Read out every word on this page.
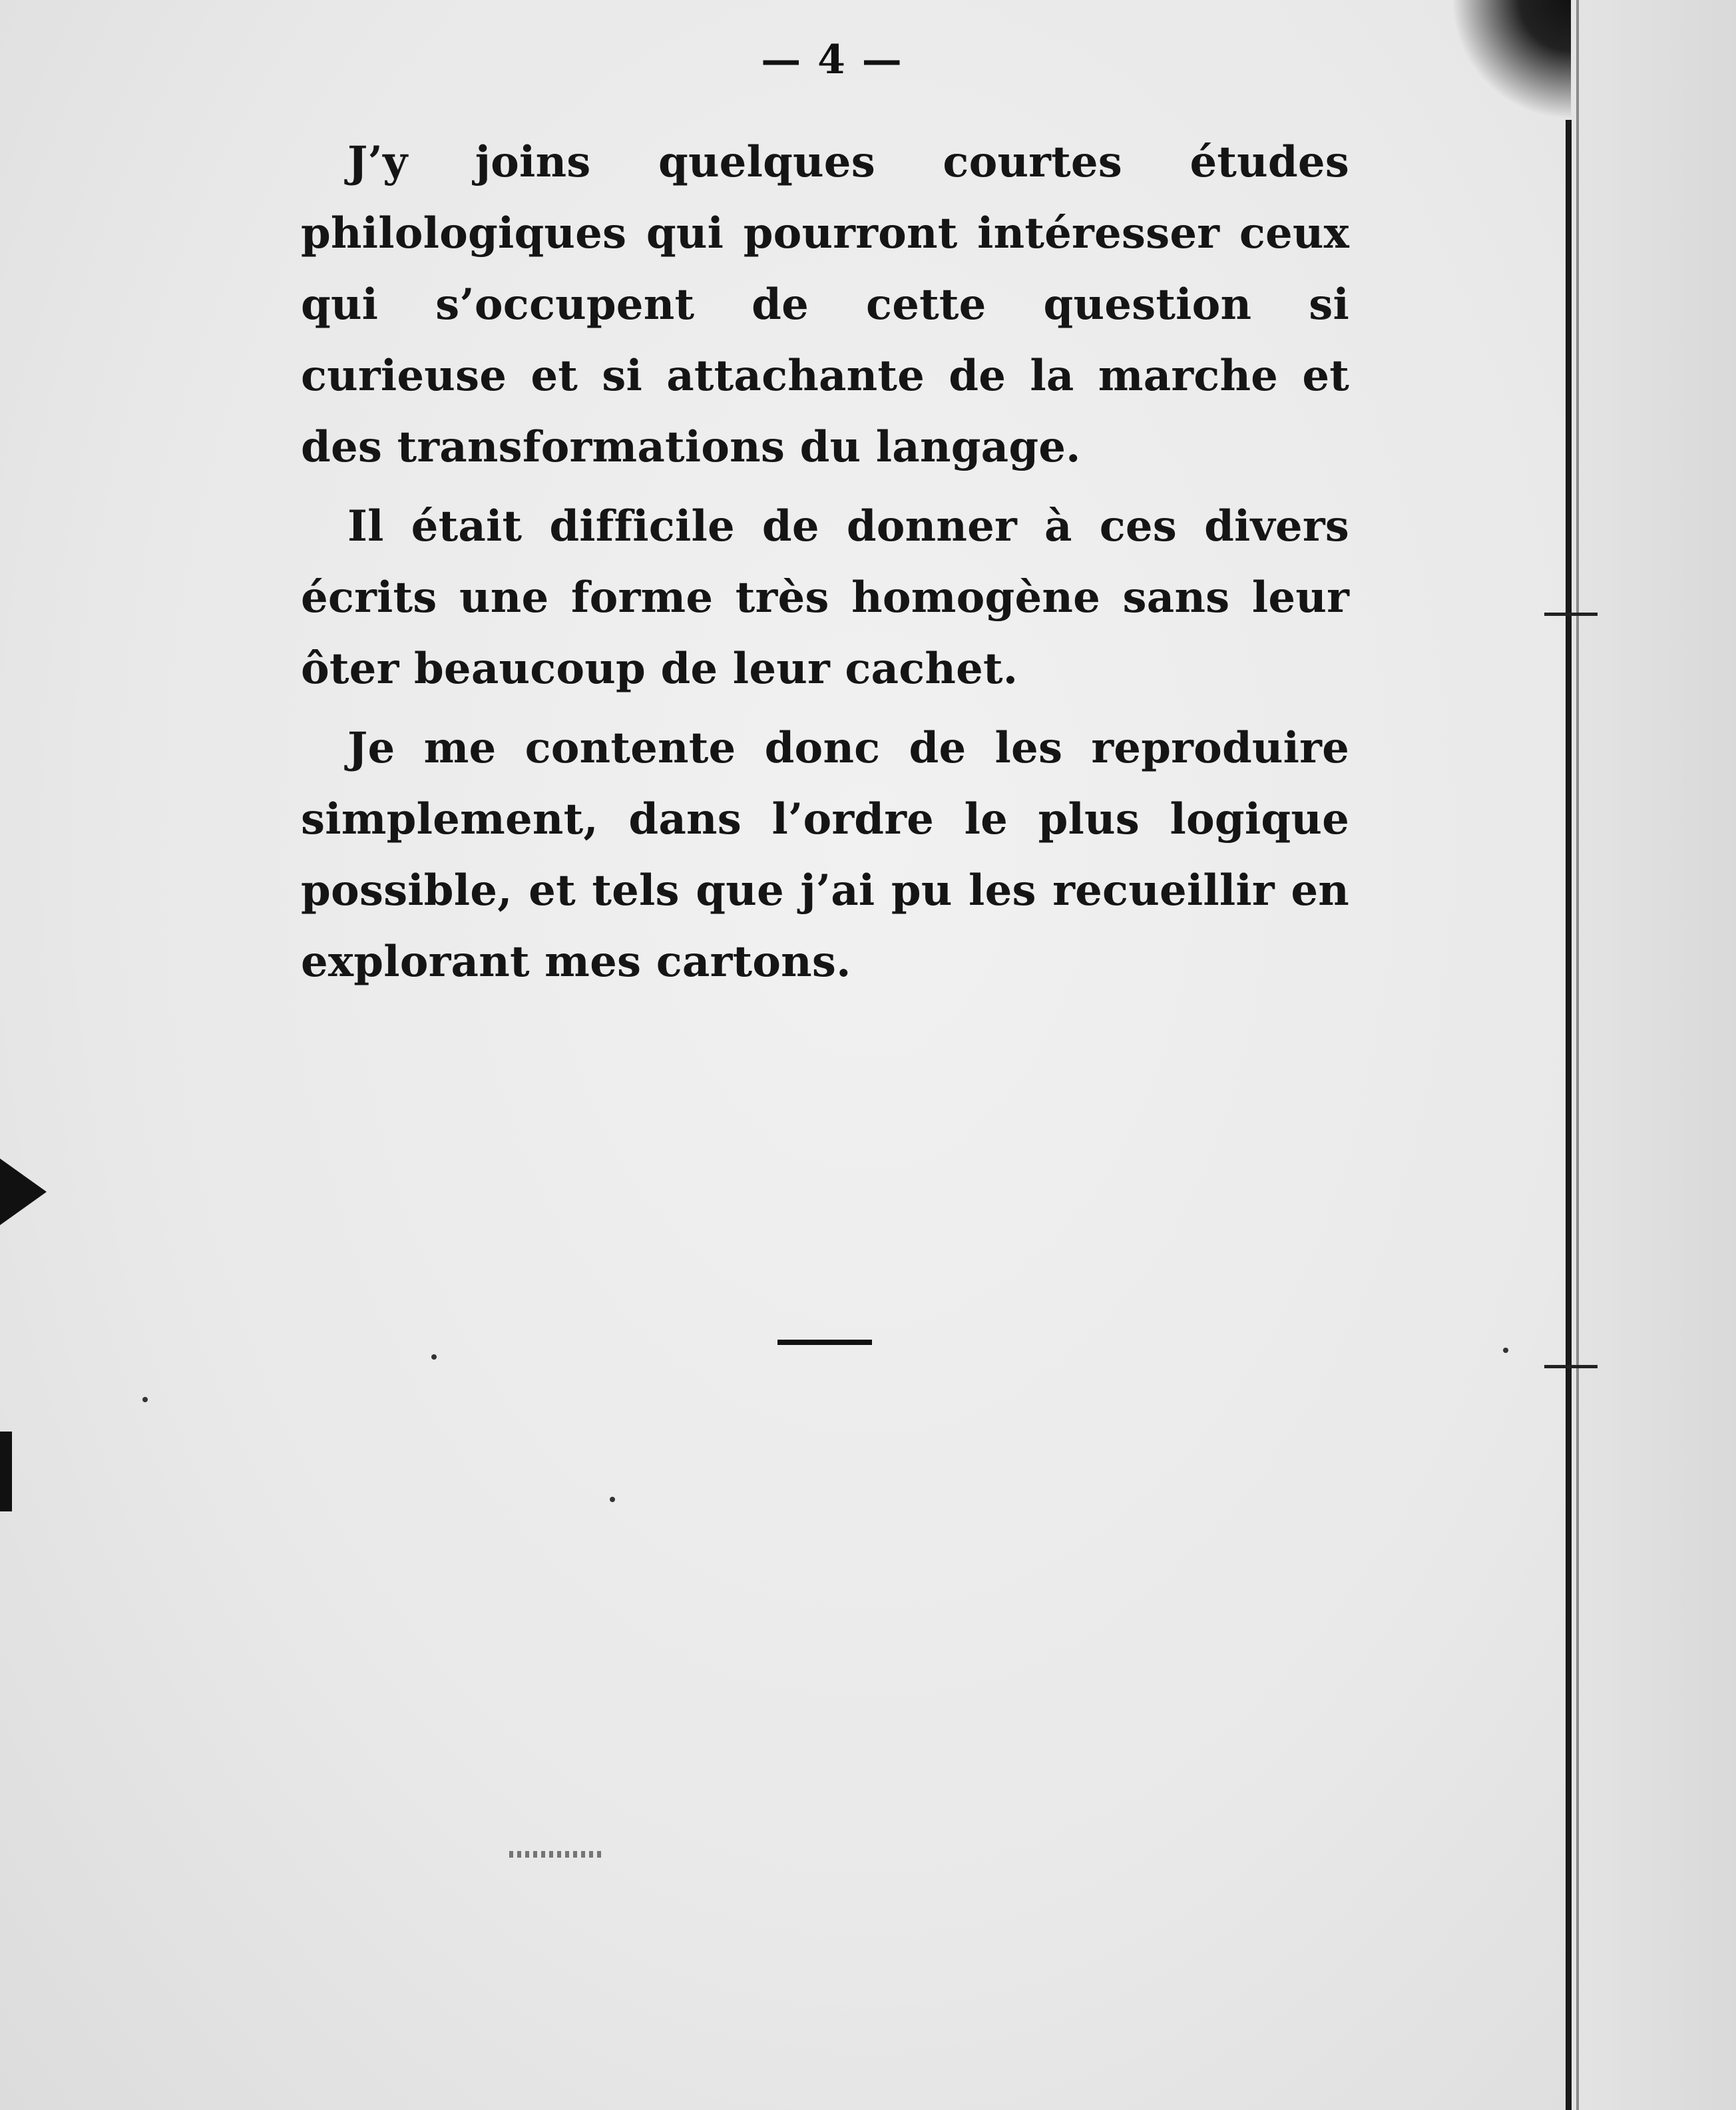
— 4 —

J’y joins quelques courtes études philologiques qui pourront intéresser ceux qui s’occupent de cette question si curieuse et si attachante de la marche et des transformations du langage.

Il était difficile de donner à ces divers écrits une forme très homogène sans leur ôter beaucoup de leur cachet.

Je me contente donc de les reproduire simplement, dans l’ordre le plus logique possible, et tels que j’ai pu les recueillir en explorant mes cartons.
